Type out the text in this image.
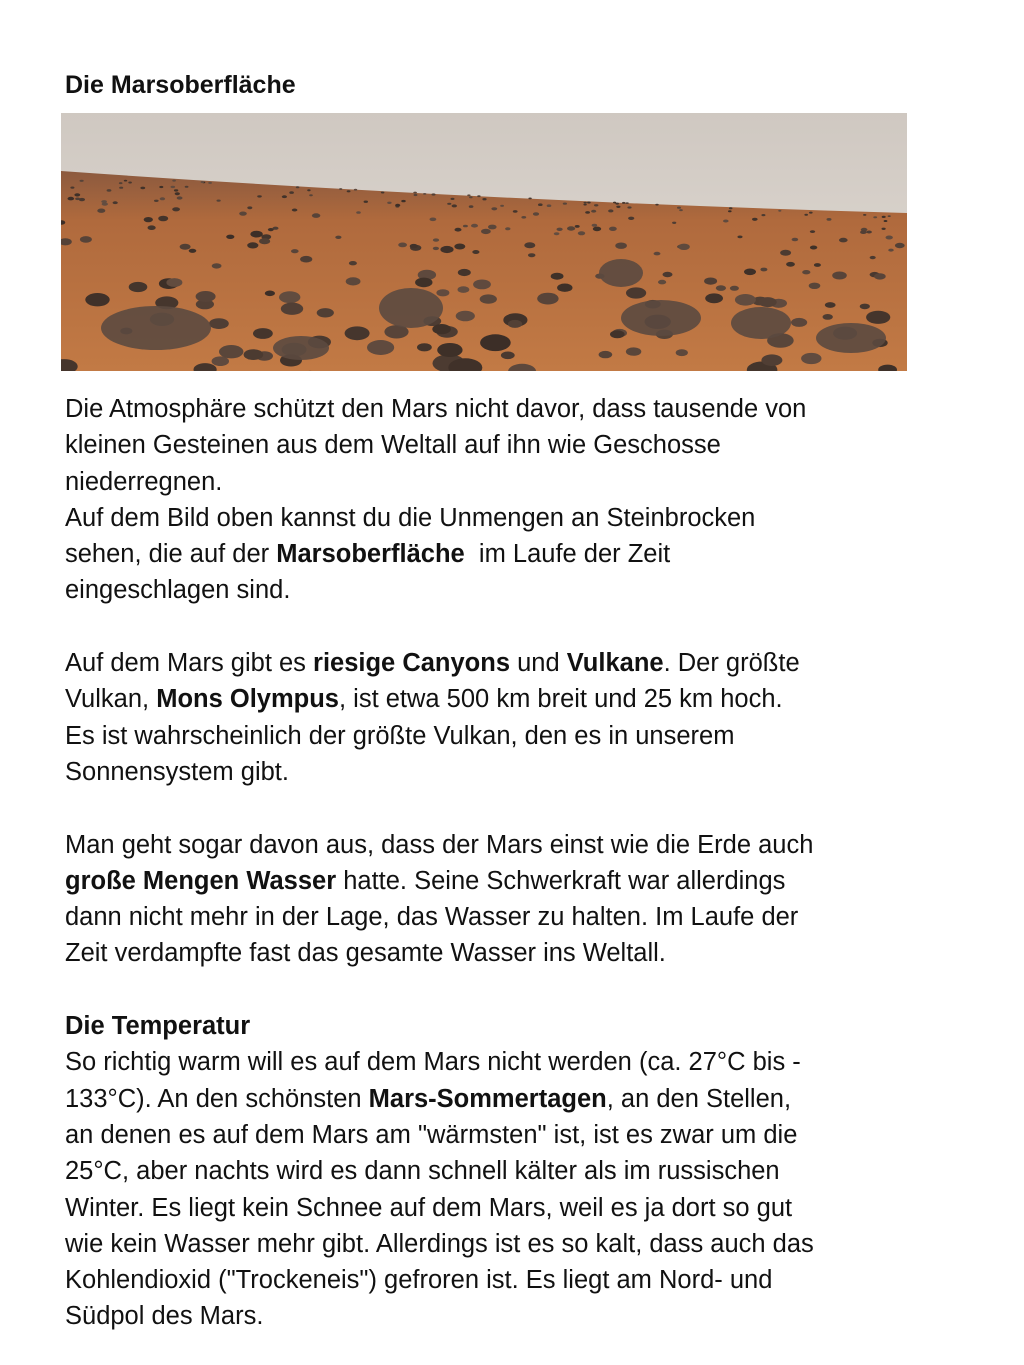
Die Marsoberfläche

Die Atmosphäre schützt den Mars nicht davor, dass tausende von

kleinen Gesteinen aus dem Weltall auf ihn wie Geschosse

niederregnen.

Auf dem Bild oben kannst du die Unmengen an Steinbrocken

sehen, die auf der Marsoberfläche  im Laufe der Zeit

eingeschlagen sind.

Auf dem Mars gibt es riesige Canyons und Vulkane. Der größte

Vulkan, Mons Olympus, ist etwa 500 km breit und 25 km hoch.

Es ist wahrscheinlich der größte Vulkan, den es in unserem

Sonnensystem gibt.

Man geht sogar davon aus, dass der Mars einst wie die Erde auch

große Mengen Wasser hatte. Seine Schwerkraft war allerdings

dann nicht mehr in der Lage, das Wasser zu halten. Im Laufe der

Zeit verdampfte fast das gesamte Wasser ins Weltall.

Die Temperatur

So richtig warm will es auf dem Mars nicht werden (ca. 27°C bis -

133°C). An den schönsten Mars-Sommertagen, an den Stellen,

an denen es auf dem Mars am "wärmsten" ist, ist es zwar um die

25°C, aber nachts wird es dann schnell kälter als im russischen

Winter. Es liegt kein Schnee auf dem Mars, weil es ja dort so gut

wie kein Wasser mehr gibt. Allerdings ist es so kalt, dass auch das

Kohlendioxid ("Trockeneis") gefroren ist. Es liegt am Nord- und

Südpol des Mars.
